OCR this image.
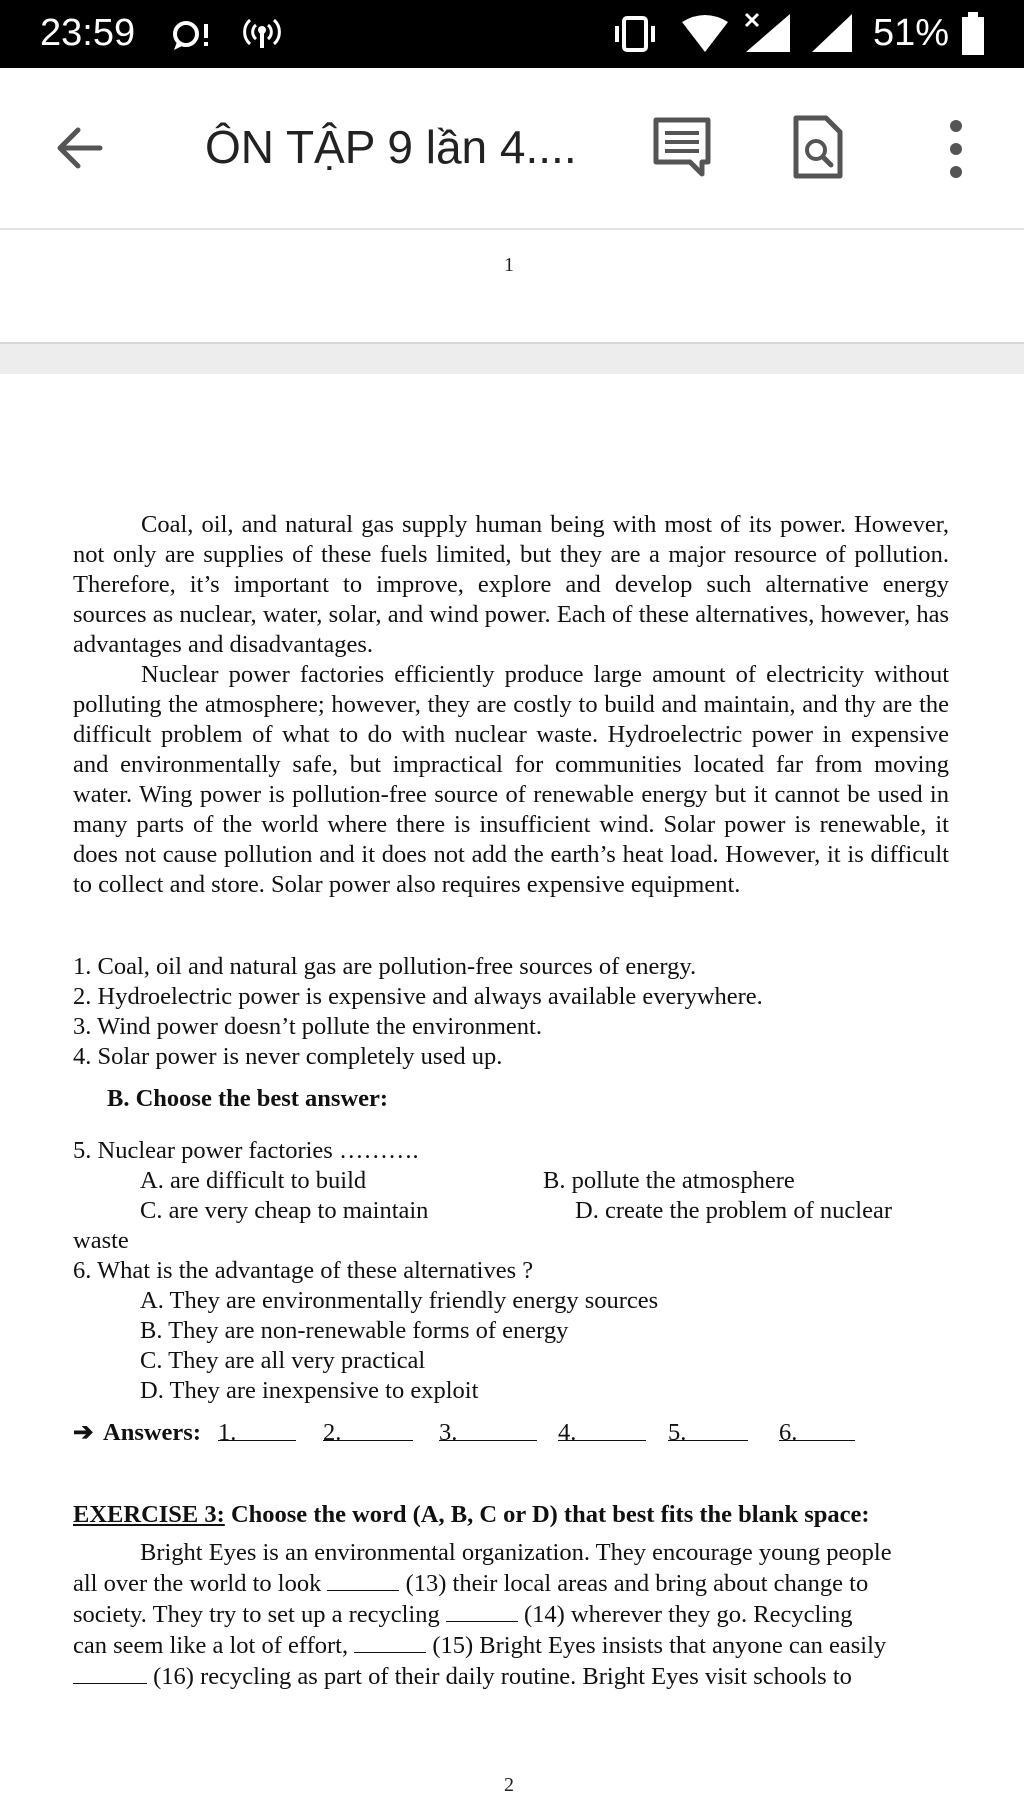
23:59	51%
ÔN TẬP 9 lần 4....
1

Coal, oil, and natural gas supply human being with most of its power. However, not only are supplies of these fuels limited, but they are a major resource of pollution. Therefore, it’s important to improve, explore and develop such alternative energy sources as nuclear, water, solar, and wind power. Each of these alternatives, however, has advantages and disadvantages.

Nuclear power factories efficiently produce large amount of electricity without polluting the atmosphere; however, they are costly to build and maintain, and thy are the difficult problem of what to do with nuclear waste. Hydroelectric power in expensive and environmentally safe, but impractical for communities located far from moving water. Wing power is pollution-free source of renewable energy but it cannot be used in many parts of the world where there is insufficient wind. Solar power is renewable, it does not cause pollution and it does not add the earth’s heat load. However, it is difficult to collect and store. Solar power also requires expensive equipment.

1. Coal, oil and natural gas are pollution-free sources of energy.
2. Hydroelectric power is expensive and always available everywhere.
3. Wind power doesn’t pollute the environment.
4. Solar power is never completely used up.
B. Choose the best answer:
5. Nuclear power factories ……….
A. are difficult to build	B. pollute the atmosphere
C. are very cheap to maintain	D. create the problem of nuclear
waste
6. What is the advantage of these alternatives ?
A. They are environmentally friendly energy sources
B. They are non-renewable forms of energy
C. They are all very practical
D. They are inexpensive to exploit
➔ Answers: 1.	2.	3.	4.	5.	6.
EXERCISE 3: Choose the word (A, B, C or D) that best fits the blank space:
Bright Eyes is an environmental organization. They encourage young people
all over the world to look	(13) their local areas and bring about change to
society. They try to set up a recycling	(14) wherever they go. Recycling
can seem like a lot of effort,	(15) Bright Eyes insists that anyone can easily
(16) recycling as part of their daily routine. Bright Eyes visit schools to
2
